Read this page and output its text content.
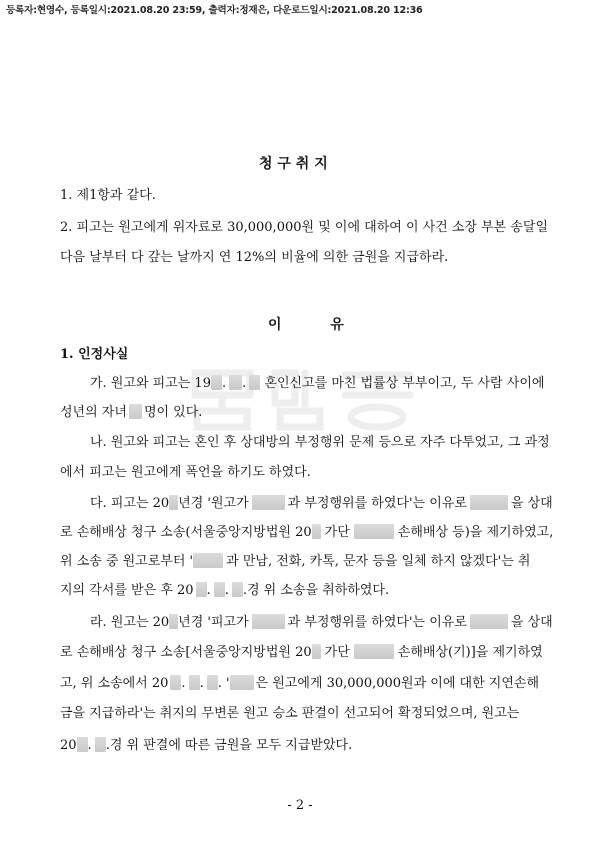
등록자:현영수, 등록일시:2021.08.20 23:59, 출력자:정재은, 다운로드일시:2021.08.20 12:36
청 구 취 지
1. 제1항과 같다.
2. 피고는 원고에게 위자료로 30,000,000원 및 이에 대하여 이 사건 소장 부본 송달일
다음 날부터 다 갚는 날까지 연 12%의 비율에 의한 금원을 지급하라.
이          유
1. 인정사실
가. 원고와 피고는 19 . . 혼인신고를 마친 법률상 부부이고, 두 사람 사이에
성년의 자녀 명이 있다.
나. 원고와 피고는 혼인 후 상대방의 부정행위 문제 등으로 자주 다투었고, 그 과정
에서 피고는 원고에게 폭언을 하기도 하였다.
다. 피고는 20 년경 '원고가	과 부정행위를 하였다'는 이유로	을 상대
로 손해배상 청구 소송(서울중앙지방법원 20 가단	손해배상 등)을 제기하였고,
위 소송 중 원고로부터 '	과 만남, 전화, 카톡, 문자 등을 일체 하지 않겠다'는 취
지의 각서를 받은 후 20 . . .경 위 소송을 취하하였다.
라. 원고는 20 년경 '피고가	과 부정행위를 하였다'는 이유로	을 상대
로 손해배상 청구 소송[서울중앙지방법원 20 가단	손해배상(기)]을 제기하였
고, 위 소송에서 20 . . . ' 은 원고에게 30,000,000원과 이에 대한 지연손해
금을 지급하라'는 취지의 무변론 원고 승소 판결이 선고되어 확정되었으며, 원고는
20 . .경 위 판결에 따른 금원을 모두 지급받았다.
- 2 -
